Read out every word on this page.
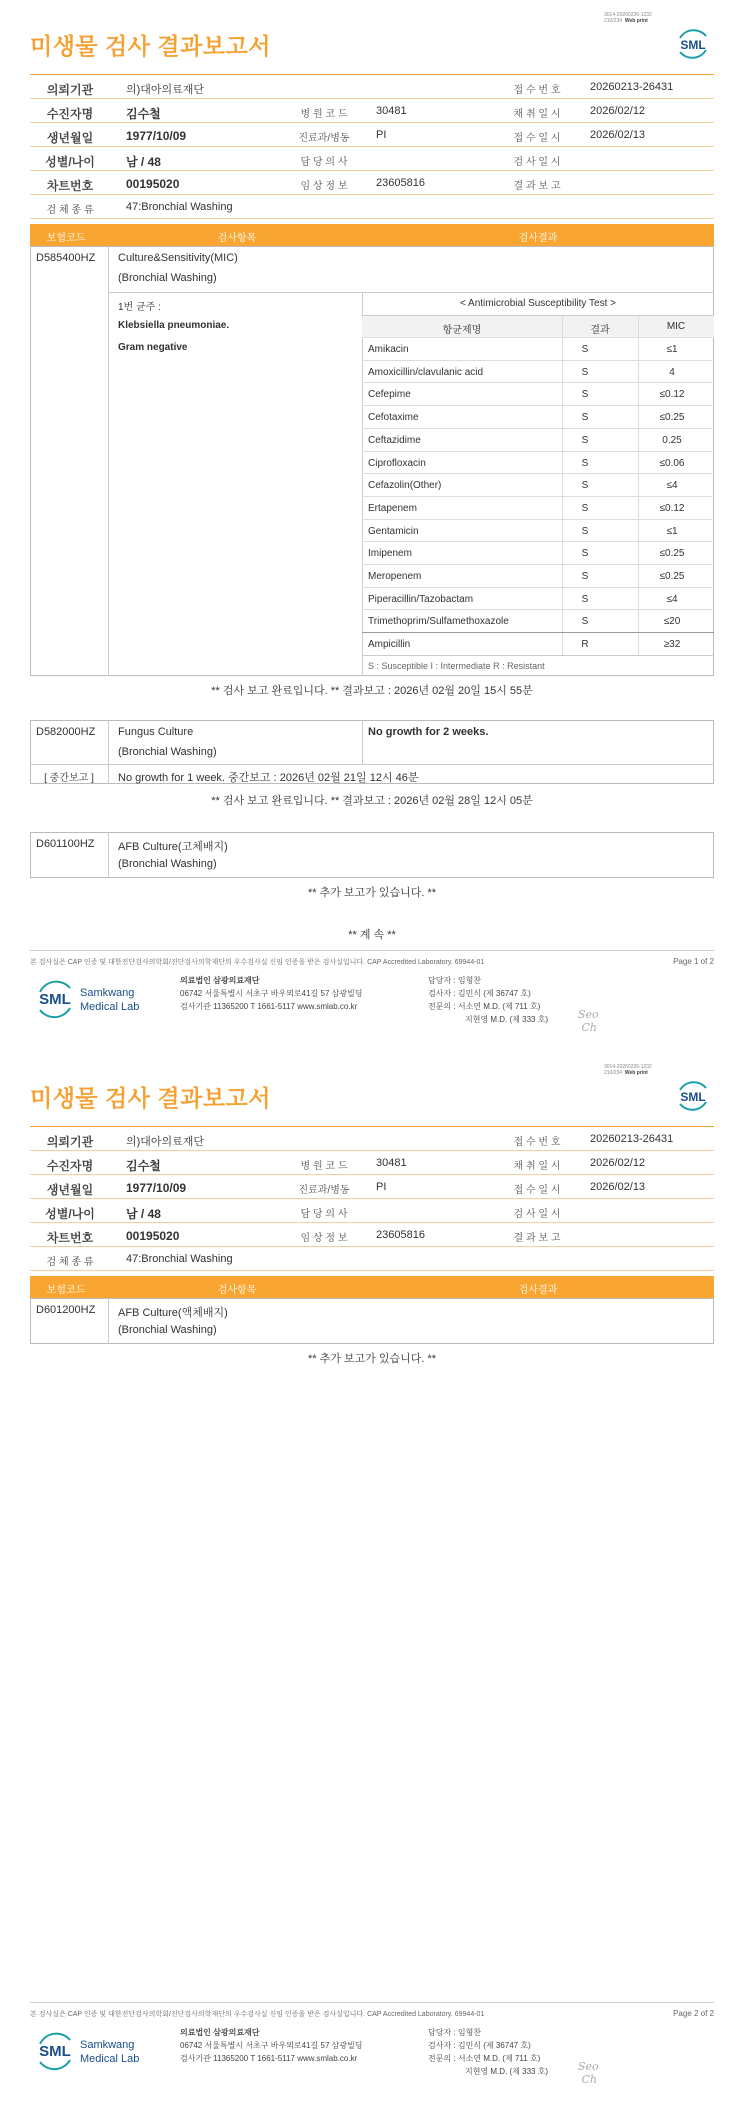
3014-20260226-1232
210/234 Web print
SML
미생물 검사 결과보고서
의뢰기관	의)대아의료재단	접 수 번 호	20260213-26431
수진자명	김수철	병 원 코 드	30481	채 취 일 시	2026/02/12
생년월일	1977/10/09	진료과/병동	PI	접 수 일 시	2026/02/13
성별/나이	남 / 48	담 당 의 사	검 사 일 시
차트번호	00195020	임 상 정 보	23605816	결 과 보 고
검 체 종 류	47:Bronchial Washing
보험코드	검사항목	검사결과
D585400HZ Culture&Sensitivity(MIC)
(Bronchial Washing)
1번 균주 :
Klebsiella pneumoniae.
Gram negative
< Antimicrobial Susceptibility Test >
항균제명	결과	MIC
Amikacin	S	≤1
Amoxicillin/clavulanic acid	S	4
Cefepime	S	≤0.12
Cefotaxime	S	≤0.25
Ceftazidime	S	0.25
Ciprofloxacin	S	≤0.06
Cefazolin(Other)	S	≤4
Ertapenem	S	≤0.12
Gentamicin	S	≤1
Imipenem	S	≤0.25
Meropenem	S	≤0.25
Piperacillin/Tazobactam	S	≤4
Trimethoprim/Sulfamethoxazole	S	≤20
Ampicillin	R	≥32
S : Susceptible I : Intermediate R : Resistant
** 검사 보고 완료입니다. ** 결과보고 : 2026년 02월 20일 15시 55분
D582000HZ Fungus Culture
(Bronchial Washing)
No growth for 2 weeks.
[ 중간보고 ]	No growth for 1 week. 중간보고 : 2026년 02월 21일 12시 46분
** 검사 보고 완료입니다. ** 결과보고 : 2026년 02월 28일 12시 05분
D601100HZ AFB Culture(고체배지)
(Bronchial Washing)
** 추가 보고가 있습니다. **
** 계 속 **
본 검사실은 CAP 인증 및 대한진단검사의학회/진단검사의학재단의 우수검사실 신임 인증을 받은 검사실입니다. CAP Accredited Laboratory. 69944-01	Page 1 of 2
SML Samkwang
Medical Lab
의료법인 삼광의료재단
06742 서울특별시 서초구 바우뫼로41길 57 삼광빌딩
검사기관 11365200 T 1661-5117 www.smlab.co.kr
담당자 : 임형찬
검사자 : 김민식 (제 36747 호)
전문의 : 서소연 M.D. (제 711 호)
지현영 M.D. (제 333 호)	Seo
Ch
3014-20260226-1232
210/234 Web print
SML
미생물 검사 결과보고서
의뢰기관	의)대아의료재단	접 수 번 호	20260213-26431
수진자명	김수철	병 원 코 드	30481	채 취 일 시	2026/02/12
생년월일	1977/10/09	진료과/병동	PI	접 수 일 시	2026/02/13
성별/나이	남 / 48	담 당 의 사	검 사 일 시
차트번호	00195020	임 상 정 보	23605816	결 과 보 고
검 체 종 류	47:Bronchial Washing
보험코드	검사항목	검사결과
D601200HZ AFB Culture(액체배지)
(Bronchial Washing)
** 추가 보고가 있습니다. **
본 검사실은 CAP 인증 및 대한진단검사의학회/진단검사의학재단의 우수검사실 신임 인증을 받은 검사실입니다. CAP Accredited Laboratory. 69944-01	Page 2 of 2
SML Samkwang
Medical Lab
의료법인 삼광의료재단
06742 서울특별시 서초구 바우뫼로41길 57 삼광빌딩
검사기관 11365200 T 1661-5117 www.smlab.co.kr
담당자 : 임형찬
검사자 : 김민식 (제 36747 호)
전문의 : 서소연 M.D. (제 711 호)
지현영 M.D. (제 333 호)	Seo
Ch
